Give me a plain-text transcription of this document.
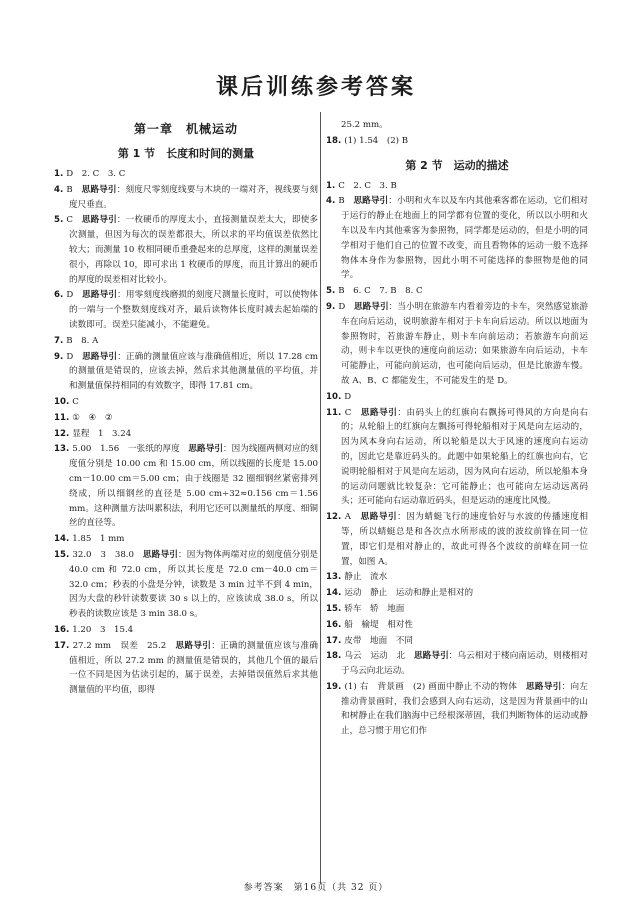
课后训练参考答案
第一章　机械运动
第 1 节　长度和时间的测量

1. D　2. C　3. C

4. B　思路导引：刻度尺零刻度线要与木块的一端对齐，视线要与刻度尺垂直。

5. C　思路导引：一枚硬币的厚度太小，直接测量误差太大，即使多次测量，但因为每次的误差都很大，所以求的平均值误差依然比较大；而测量 10 枚相同硬币重叠起来的总厚度，这样的测量误差很小，再除以 10，即可求出 1 枚硬币的厚度，而且计算出的硬币的厚度的误差相对比较小。

6. D　思路导引：用零刻度线磨损的刻度尺测量长度时，可以使物体的一端与一个整数刻度线对齐，最后读物体长度时减去起始端的读数即可。误差只能减小，不能避免。

7. B　8. A

9. D　思路导引：正确的测量值应该与准确值相近，所以 17.28 cm 的测量值是错误的，应该去掉，然后求其他测量值的平均值，并和测量值保持相同的有效数字，即得 17.81 cm。

10. C

11. ①　④　②

12. 显程　1　3.24

13. 5.00　1.56　一张纸的厚度　思路导引：因为线圈两侧对应的刻度值分别是 10.00 cm 和 15.00 cm，所以线圈的长度是 15.00 cm－10.00 cm＝5.00 cm；由于线圈是 32 圈细钢丝紧密排列绕成，所以细钢丝的直径是 5.00 cm÷32≈0.156 cm＝1.56 mm。这种测量方法叫累积法，利用它还可以测量纸的厚度、细铜丝的直径等。

14. 1.85　1 mm

15. 32.0　3　38.0　思路导引：因为物体两端对应的刻度值分别是 40.0 cm 和 72.0 cm，所以其长度是 72.0 cm－40.0 cm＝32.0 cm；秒表的小盘是分钟，读数是 3 min 过半不到 4 min，因为大盘的秒针读数要读 30 s 以上的，应该读成 38.0 s，所以秒表的读数应该是 3 min 38.0 s。

16. 1.20　3　15.4

17. 27.2 mm　误差　25.2　思路导引：正确的测量值应该与准确值相近，所以 27.2 mm 的测量值是错误的，其他几个值的最后一位不同是因为估读引起的，属于误差，去掉错误值然后求其他测量值的平均值，即得

25.2 mm。

18. (1) 1.54　(2) B

第 2 节　运动的描述

1. C　2. C　3. B

4. B　思路导引：小明和火车以及车内其他乘客都在运动，它们相对于运行的静止在地面上的同学都有位置的变化，所以以小明和火车以及车内其他乘客为参照物，同学都是运动的，但是小明的同学相对于他们自己的位置不改变，而且看物体的运动一般不选择物体本身作为参照物，因此小明不可能选择的参照物是他的同学。

5. B　6. C　7. B　8. C

9. D　思路导引：当小明在旅游车内看着旁边的卡车，突然感觉旅游车在向后运动，说明旅游车相对于卡车向后运动。所以以地面为参照物时，若旅游车静止，则卡车向前运动；若旅游车向前运动，则卡车以更快的速度向前运动；如果旅游车向后运动，卡车可能静止，可能向前运动，也可能向后运动，但是比旅游车慢。故 A、B、C 都能发生，不可能发生的是 D。

10. D

11. C　思路导引：由码头上的红旗向右飘扬可得风的方向是向右的；从轮船上的红旗向左飘扬可得轮船相对于风是向左运动的，因为风本身向右运动，所以轮船是以大于风速的速度向右运动的，因此它是靠近码头的。此题中如果轮船上的红旗也向右，它说明轮船相对于风是向左运动，因为风向右运动，所以轮船本身的运动问题就比较复杂：它可能静止；也可能向左运动远离码头；还可能向右运动靠近码头，但是运动的速度比风慢。

12. A　思路导引：因为蜻蜓飞行的速度恰好与水波的传播速度相等，所以蜻蜓总是和各次点水所形成的波的波纹前锋在同一位置，即它们是相对静止的，故此可得各个波纹的前峰在同一位置，如图 A。

13. 静止　流水

14. 运动　静止　运动和静止是相对的

15. 轿车　轿　地面

16. 船　榆堤　相对性

17. 皮带　地面　不同

18. 乌云　运动　北　思路导引：乌云相对于楼向南运动，则楼相对于乌云向北运动。

19. (1) 右　背景画　(2) 画面中静止不动的物体　思路导引：向左推动背景画时，我们会感到人向右运动，这是因为背景画中的山和树静止在我们脑海中已经根深蒂固，我们判断物体的运动或静止，总习惯于用它们作

参考答案　第16页（共 32 页）
